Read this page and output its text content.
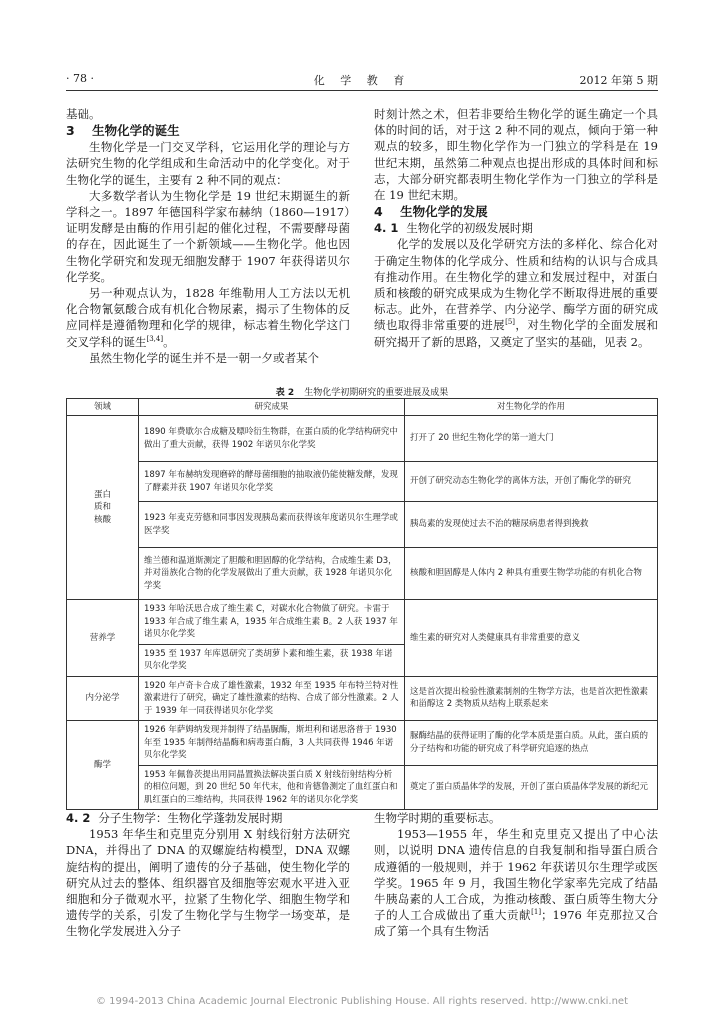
· 78 ·	化 学 教 育	2012 年第 5 期

基础。

3 生物化学的诞生

生物化学是一门交叉学科，它运用化学的理论与方法研究生物的化学组成和生命活动中的化学变化。对于生物化学的诞生，主要有 2 种不同的观点：

大多数学者认为生物化学是 19 世纪末期诞生的新学科之一。1897 年德国科学家布赫纳（1860—1917）证明发酵是由酶的作用引起的催化过程，不需要酵母菌的存在，因此诞生了一个新领域——生物化学。他也因生物化学研究和发现无细胞发酵于 1907 年获得诺贝尔化学奖。

另一种观点认为，1828 年维勒用人工方法以无机化合物氰氨酸合成有机化合物尿素，揭示了生物体的反应同样是遵循物理和化学的规律，标志着生物化学这门交叉学科的诞生[3,4]。

虽然生物化学的诞生并不是一朝一夕或者某个

时刻计然之术，但若非要给生物化学的诞生确定一个具体的时间的话，对于这 2 种不同的观点，倾向于第一种观点的较多，即生物化学作为一门独立的学科是在 19 世纪末期，虽然第二种观点也提出形成的具体时间和标志，大部分研究都表明生物化学作为一门独立的学科是在 19 世纪末期。

4 生物化学的发展

4. 1 生物化学的初级发展时期

化学的发展以及化学研究方法的多样化、综合化对于确定生物体的化学成分、性质和结构的认识与合成具有推动作用。在生物化学的建立和发展过程中，对蛋白质和核酸的研究成果成为生物化学不断取得进展的重要标志。此外，在营养学、内分泌学、酶学方面的研究成绩也取得非常重要的进展[5]，对生物化学的全面发展和研究揭开了新的思路，又奠定了坚实的基础，见表 2。

表 2 生物化学初期研究的重要进展及成果
领域	研究成果	对生物化学的作用
蛋白
质和
核酸	1890 年费歇尔合成糖及嘌呤衍生物群，在蛋白质的化学结构研究中做出了重大贡献，获得 1902 年诺贝尔化学奖	打开了 20 世纪生物化学的第一道大门
	1897 年布赫纳发现磨碎的酵母菌细胞的抽取液仍能使糖发酵，发现了酵素并获 1907 年诺贝尔化学奖	开创了研究动态生物化学的离体方法，开创了酶化学的研究
	1923 年麦克劳德和同事因发现胰岛素而获得该年度诺贝尔生理学或医学奖	胰岛素的发现使过去不治的糖尿病患者得到挽救
	维兰德和温道斯测定了胆酸和胆固醇的化学结构，合成维生素 D3，并对甾族化合物的化学发展做出了重大贡献，获 1928 年诺贝尔化学奖	核酸和胆固醇是人体内 2 种具有重要生物学功能的有机化合物
营养学	1933 年哈沃思合成了维生素 C，对碳水化合物做了研究。卡雷于 1933 年合成了维生素 A，1935 年合成维生素 B。2 人获 1937 年诺贝尔化学奖	维生素的研究对人类健康具有非常重要的意义
	1935 至 1937 年库恩研究了类胡萝卜素和维生素，获 1938 年诺贝尔化学奖	
内分泌学	1920 年卢奇卡合成了雄性激素，1932 年至 1935 年布特兰特对性激素进行了研究，确定了雄性激素的结构、合成了部分性激素。2 人于 1939 年一同获得诺贝尔化学奖	这是首次提出检验性激素制剂的生物学方法，也是首次把性激素和甾醇这 2 类物质从结构上联系起来
酶学	1926 年萨姆纳发现并制得了结晶脲酶，斯坦利和诺思洛普于 1930 年至 1935 年制得结晶酶和病毒蛋白酶，3 人共同获得 1946 年诺贝尔化学奖	脲酶结晶的获得证明了酶的化学本质是蛋白质。从此，蛋白质的分子结构和功能的研究成了科学研究追逐的热点
	1953 年佩鲁茨提出用同晶置换法解决蛋白质 X 射线衍射结构分析的相位问题，到 20 世纪 50 年代末，他和肯德鲁测定了血红蛋白和肌红蛋白的三维结构，共同获得 1962 年的诺贝尔化学奖	奠定了蛋白质晶体学的发展，开创了蛋白质晶体学发展的新纪元

4. 2 分子生物学：生物化学蓬勃发展时期

1953 年华生和克里克分别用 X 射线衍射方法研究 DNA，并得出了 DNA 的双螺旋结构模型，DNA 双螺旋结构的提出，阐明了遗传的分子基础，使生物化学的研究从过去的整体、组织器官及细胞等宏观水平进入亚细胞和分子微观水平，拉紧了生物化学、细胞生物学和遗传学的关系，引发了生物化学与生物学一场变革，是生物化学发展进入分子

生物学时期的重要标志。

1953—1955 年，华生和克里克又提出了中心法则，以说明 DNA 遗传信息的自我复制和指导蛋白质合成遵循的一般规则，并于 1962 年获诺贝尔生理学或医学奖。1965 年 9 月，我国生物化学家率先完成了结晶牛胰岛素的人工合成，为推动核酸、蛋白质等生物大分子的人工合成做出了重大贡献[1]；1976 年克那拉又合成了第一个具有生物活

© 1994-2013 China Academic Journal Electronic Publishing House. All rights reserved. http://www.cnki.net
